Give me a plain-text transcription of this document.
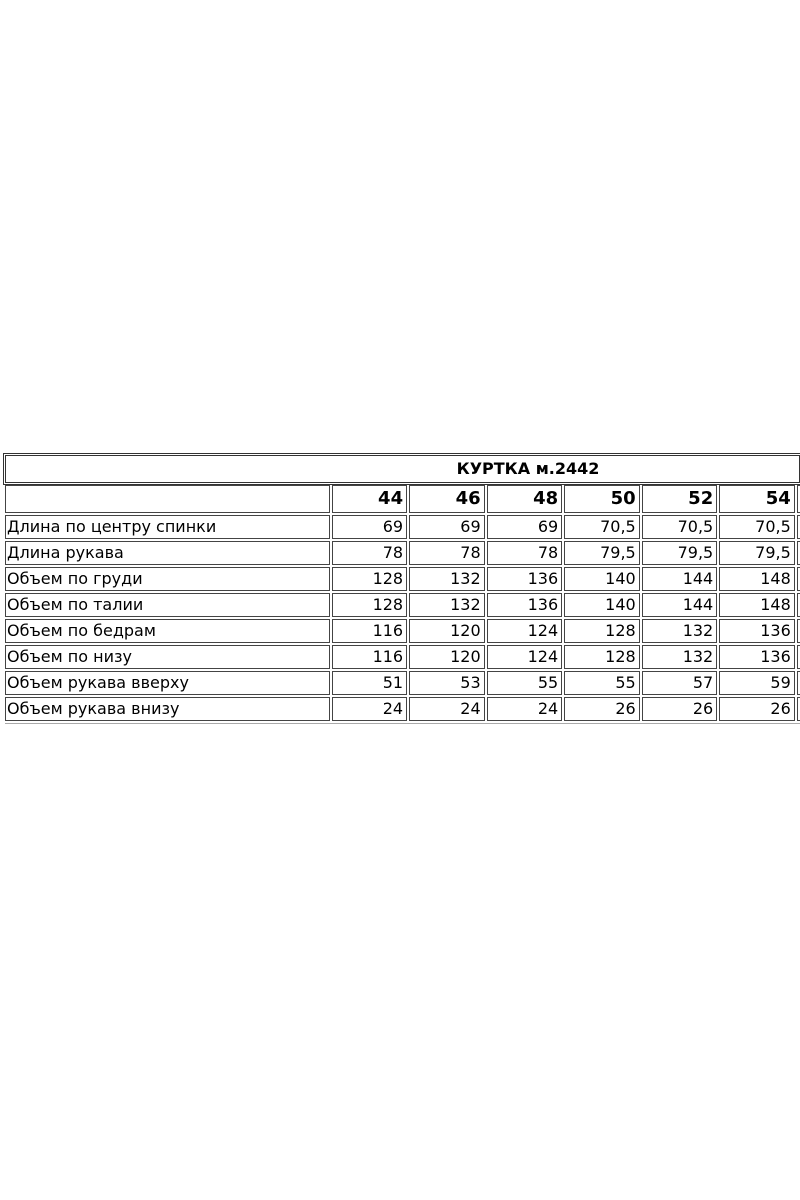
КУРТКА м.2442
	44	46	48	50	52	54	
Длина по центру спинки	69	69	69	70,5	70,5	70,5	
Длина рукава	78	78	78	79,5	79,5	79,5	
Объем по груди	128	132	136	140	144	148	
Объем по талии	128	132	136	140	144	148	
Объем по бедрам	116	120	124	128	132	136	
Объем по низу	116	120	124	128	132	136	
Объем рукава вверху	51	53	55	55	57	59	
Объем рукава внизу	24	24	24	26	26	26	
